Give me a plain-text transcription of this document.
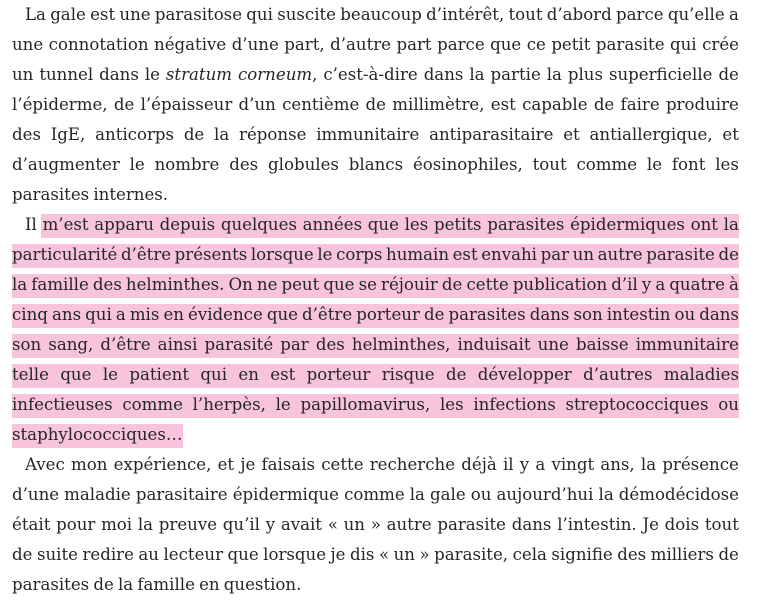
La gale est une parasitose qui suscite beaucoup d’intérêt, tout d’abord parce qu’elle a
une connotation négative d’une part, d’autre part parce que ce petit parasite qui crée
un tunnel dans le stratum corneum, c’est-à-dire dans la partie la plus superficielle de
l’épiderme, de l’épaisseur d’un centième de millimètre, est capable de faire produire
des IgE, anticorps de la réponse immunitaire antiparasitaire et antiallergique, et
d’augmenter le nombre des globules blancs éosinophiles, tout comme le font les
parasites internes.
Il m’est apparu depuis quelques années que les petits parasites épidermiques ont la
particularité d’être présents lorsque le corps humain est envahi par un autre parasite de
la famille des helminthes. On ne peut que se réjouir de cette publication d’il y a quatre à
cinq ans qui a mis en évidence que d’être porteur de parasites dans son intestin ou dans
son sang, d’être ainsi parasité par des helminthes, induisait une baisse immunitaire
telle que le patient qui en est porteur risque de développer d’autres maladies
infectieuses comme l’herpès, le papillomavirus, les infections streptococciques ou
staphylococciques…
Avec mon expérience, et je faisais cette recherche déjà il y a vingt ans, la présence
d’une maladie parasitaire épidermique comme la gale ou aujourd’hui la démodécidose
était pour moi la preuve qu’il y avait « un » autre parasite dans l’intestin. Je dois tout
de suite redire au lecteur que lorsque je dis « un » parasite, cela signifie des milliers de
parasites de la famille en question.
